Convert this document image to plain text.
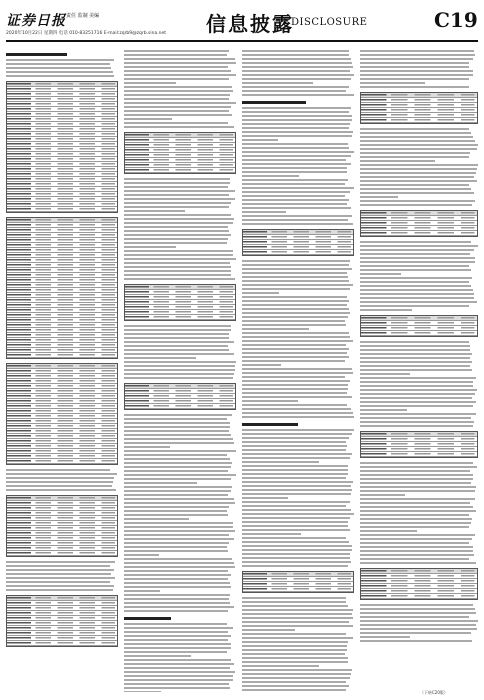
证券日报 责任 监制 美编
2020年10月22日 星期四 电话 010-83251716 E-mail:zqrb9@zqrb.sina.net 信息披露
DISCLOSURE	C19
（下转C20版）
